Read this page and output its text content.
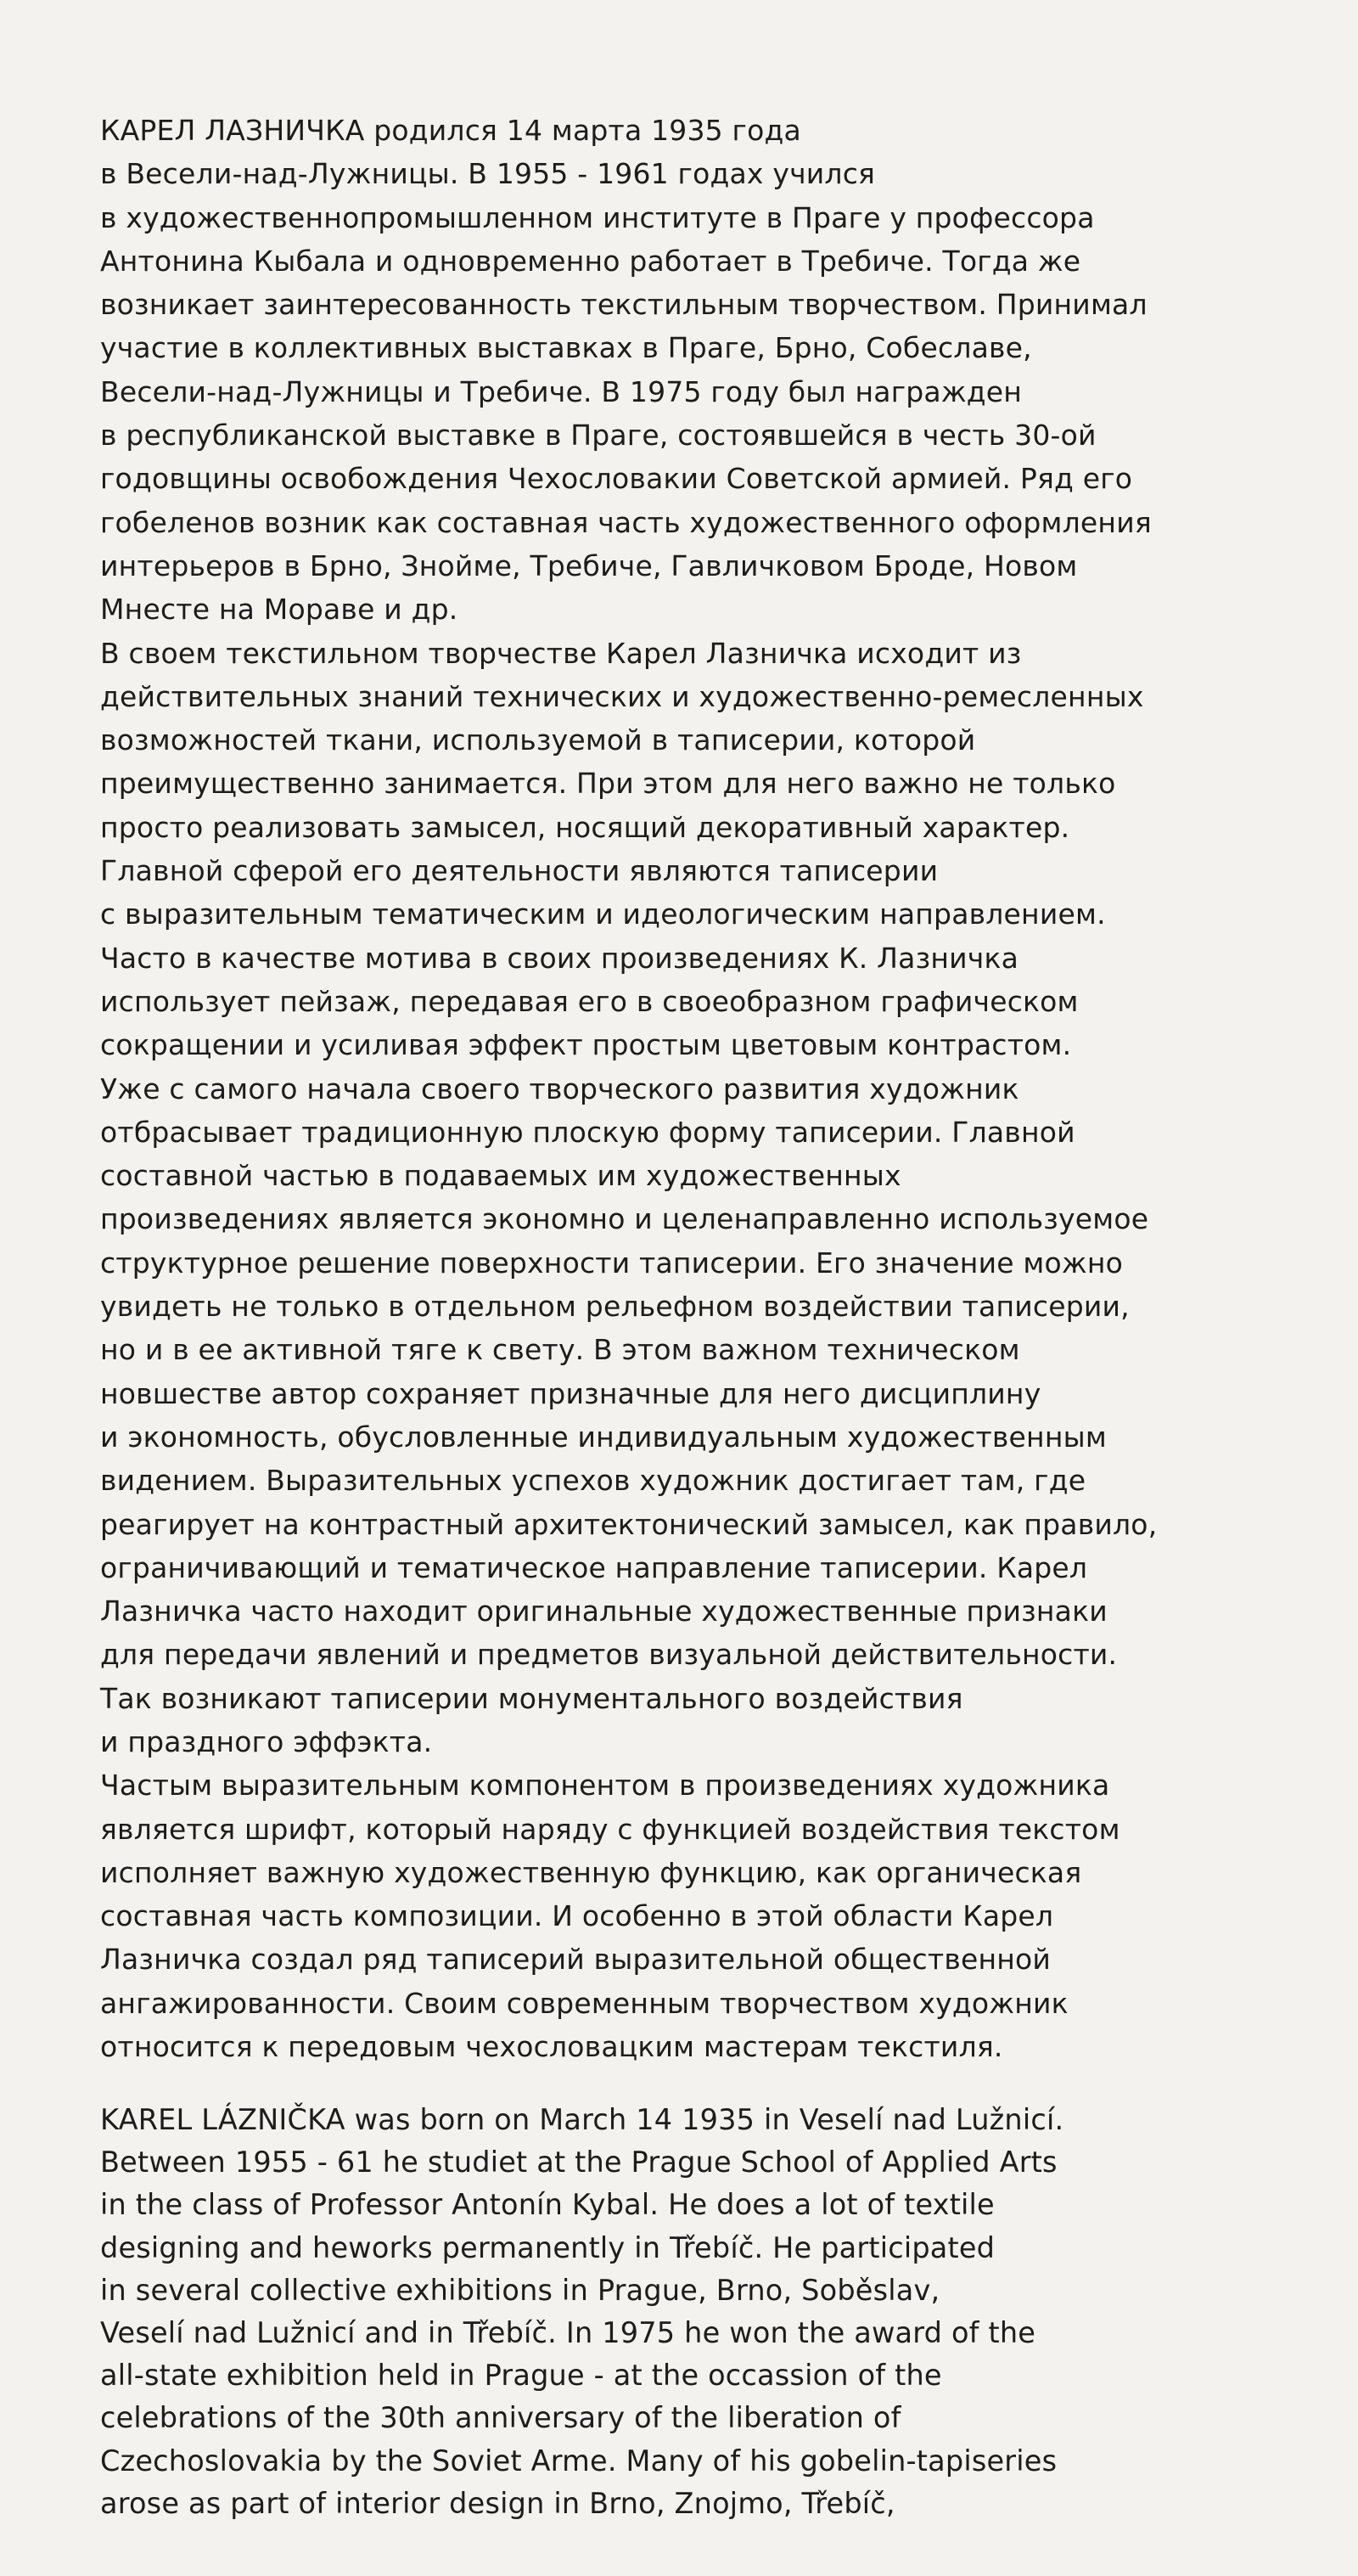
КАРЕЛ ЛАЗНИЧКА родился 14 марта 1935 года
в Весели-над-Лужницы. В 1955 - 1961 годах учился
в художественнопромышленном институте в Праге у профессора
Антонина Кыбала и одновременно работает в Требиче. Тогда же
возникает заинтересованность текстильным творчеством. Принимал
участие в коллективных выставках в Праге, Брно, Собеславе,
Весели-над-Лужницы и Требиче. В 1975 году был награжден
в республиканской выставке в Праге, состоявшейся в честь 30-ой
годовщины освобождения Чехословакии Советской армией. Ряд его
гобеленов возник как составная часть художественного оформления
интерьеров в Брно, Знойме, Требиче, Гавличковом Броде, Новом
Мнесте на Мораве и др.
В своем текстильном творчестве Карел Лазничка исходит из
действительных знаний технических и художественно-ремесленных
возможностей ткани, используемой в таписерии, которой
преимущественно занимается. При этом для него важно не только
просто реализовать замысел, носящий декоративный характер.
Главной сферой его деятельности являются таписерии
с выразительным тематическим и идеологическим направлением.
Часто в качестве мотива в своих произведениях К. Лазничка
использует пейзаж, передавая его в своеобразном графическом
сокращении и усиливая эффект простым цветовым контрастом.
Уже с самого начала своего творческого развития художник
отбрасывает традиционную плоскую форму таписерии. Главной
составной частью в подаваемых им художественных
произведениях является экономно и целенаправленно используемое
структурное решение поверхности таписерии. Его значение можно
увидеть не только в отдельном рельефном воздействии таписерии,
но и в ее активной тяге к свету. В этом важном техническом
новшестве автор сохраняет призначные для него дисциплину
и экономность, обусловленные индивидуальным художественным
видением. Выразительных успехов художник достигает там, где
реагирует на контрастный архитектонический замысел, как правило,
ограничивающий и тематическое направление таписерии. Карел
Лазничка часто находит оригинальные художественные признаки
для передачи явлений и предметов визуальной действительности.
Так возникают таписерии монументального воздействия
и праздного эффэкта.
Частым выразительным компонентом в произведениях художника
является шрифт, который наряду с функцией воздействия текстом
исполняет важную художественную функцию, как органическая
составная часть композиции. И особенно в этой области Карел
Лазничка создал ряд таписерий выразительной общественной
ангажированности. Своим современным творчеством художник
относится к передовым чехословацким мастерам текстиля.
KAREL LÁZNIČKA was born on March 14 1935 in Veselí nad Lužnicí.
Between 1955 - 61 he studiet at the Prague School of Applied Arts
in the class of Professor Antonín Kybal. He does a lot of textile
designing and heworks permanently in Třebíč. He participated
in several collective exhibitions in Prague, Brno, Soběslav,
Veselí nad Lužnicí and in Třebíč. In 1975 he won the award of the
all-state exhibition held in Prague - at the occassion of the
celebrations of the 30th anniversary of the liberation of
Czechoslovakia by the Soviet Arme. Many of his gobelin-tapiseries
arose as part of interior design in Brno, Znojmo, Třebíč,
